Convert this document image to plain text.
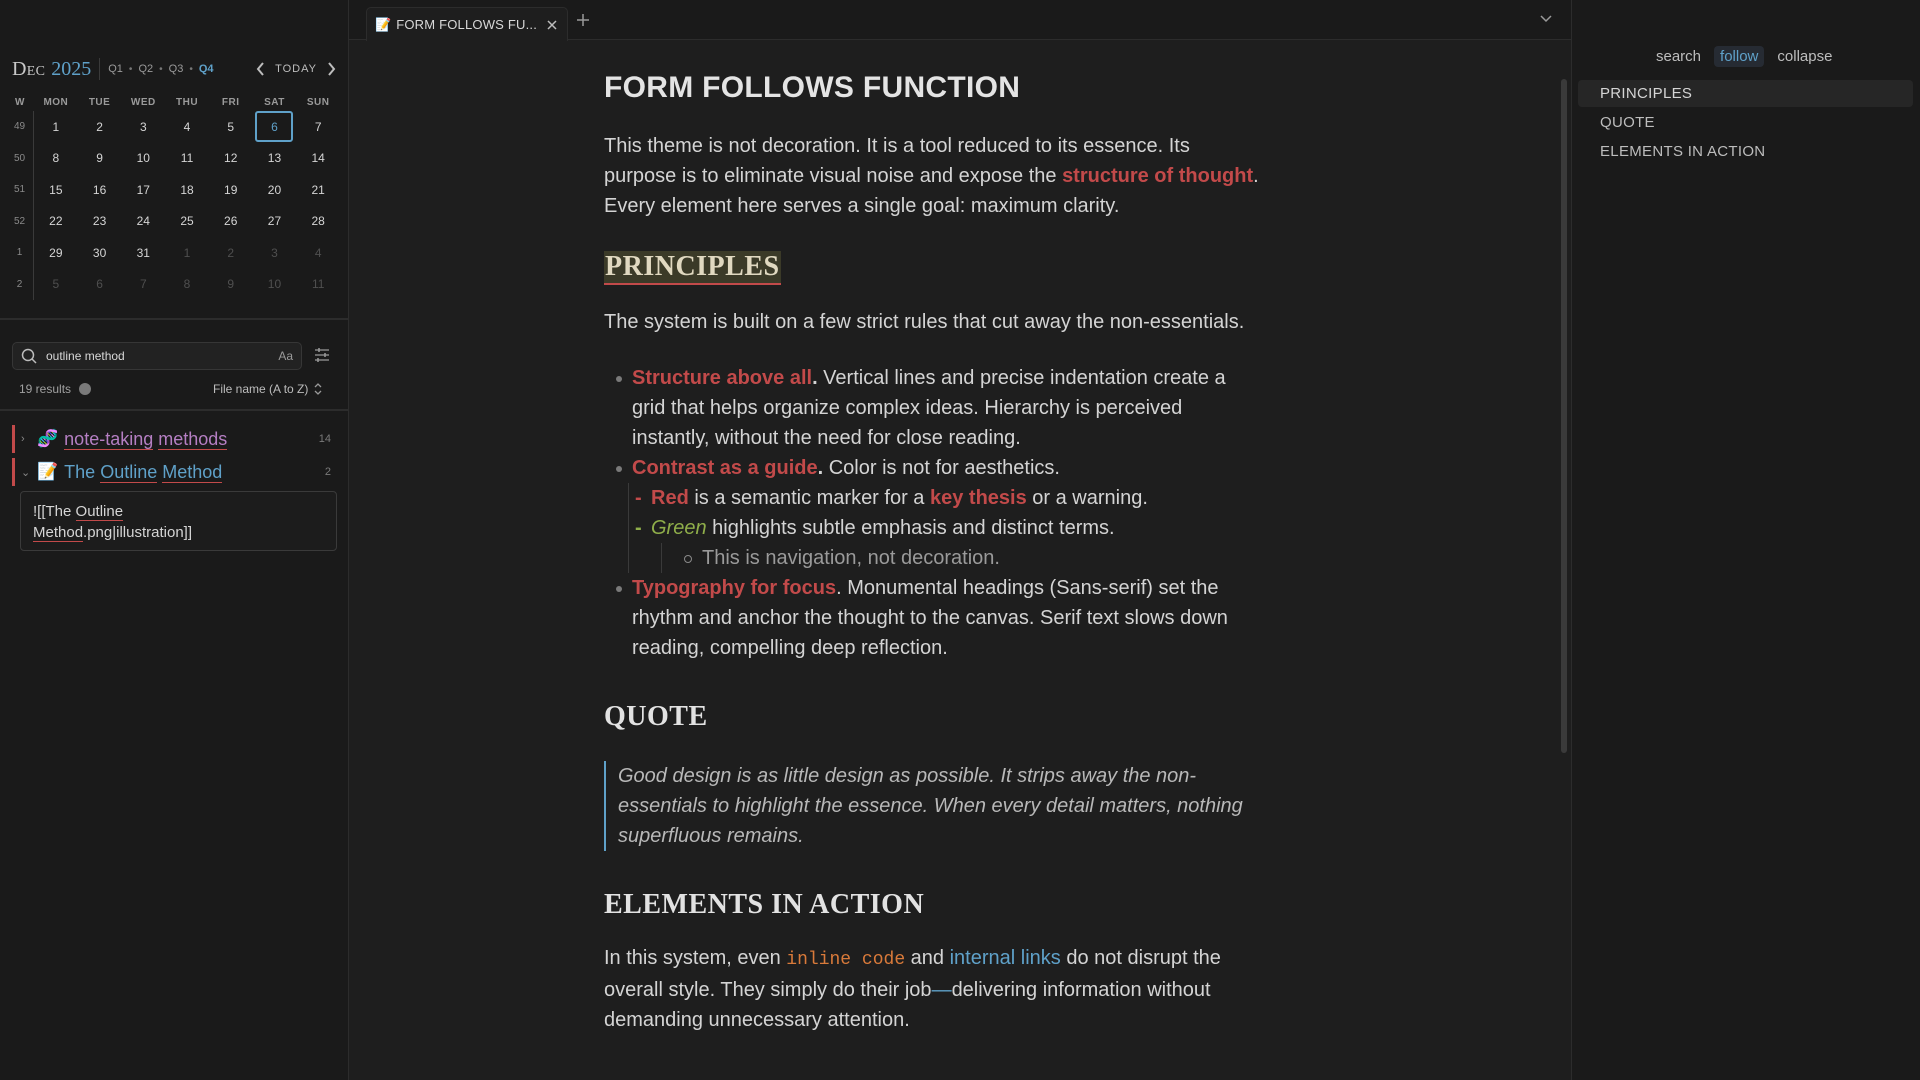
Dec 2025 Q1 • Q2 • Q3 • Q4	TODAY
W	MON	TUE	WED	THU	FRI	SAT	SUN
49	1	2	3	4	5	6	7
50	8	9	10	11	12	13	14
51	15	16	17	18	19	20	21
52	22	23	24	25	26	27	28
1	29	30	31	1	2	3	4
2	5	6	7	8	9	10	11
outline method
Aa
19 results	File name (A to Z)
› 🧬 note-taking methods	14
⌄ 📝 The Outline Method	2
![[The Outline
Method.png|illustration]]
📝 FORM FOLLOWS FU...
FORM FOLLOWS FUNCTION

This theme is not decoration. It is a tool reduced to its essence. Its purpose is to eliminate visual noise and expose the structure of thought. Every element here serves a single goal: maximum clarity.

PRINCIPLES

The system is built on a few strict rules that cut away the non-essentials.

Structure above all. Vertical lines and precise indentation create a grid that helps organize complex ideas. Hierarchy is perceived instantly, without the need for close reading.
Contrast as a guide. Color is not for aesthetics.
- Red is a semantic marker for a key thesis or a warning.
- Green highlights subtle emphasis and distinct terms.
This is navigation, not decoration.
Typography for focus. Monumental headings (Sans-serif) set the rhythm and anchor the thought to the canvas. Serif text slows down reading, compelling deep reflection.
QUOTE
Good design is as little design as possible. It strips away the non-essentials to highlight the essence. When every detail matters, nothing superfluous remains.
ELEMENTS IN ACTION

In this system, even inline code and internal links do not disrupt the overall style. They simply do their job—delivering information without demanding unnecessary attention.

search	follow	collapse
PRINCIPLES
QUOTE
ELEMENTS IN ACTION
